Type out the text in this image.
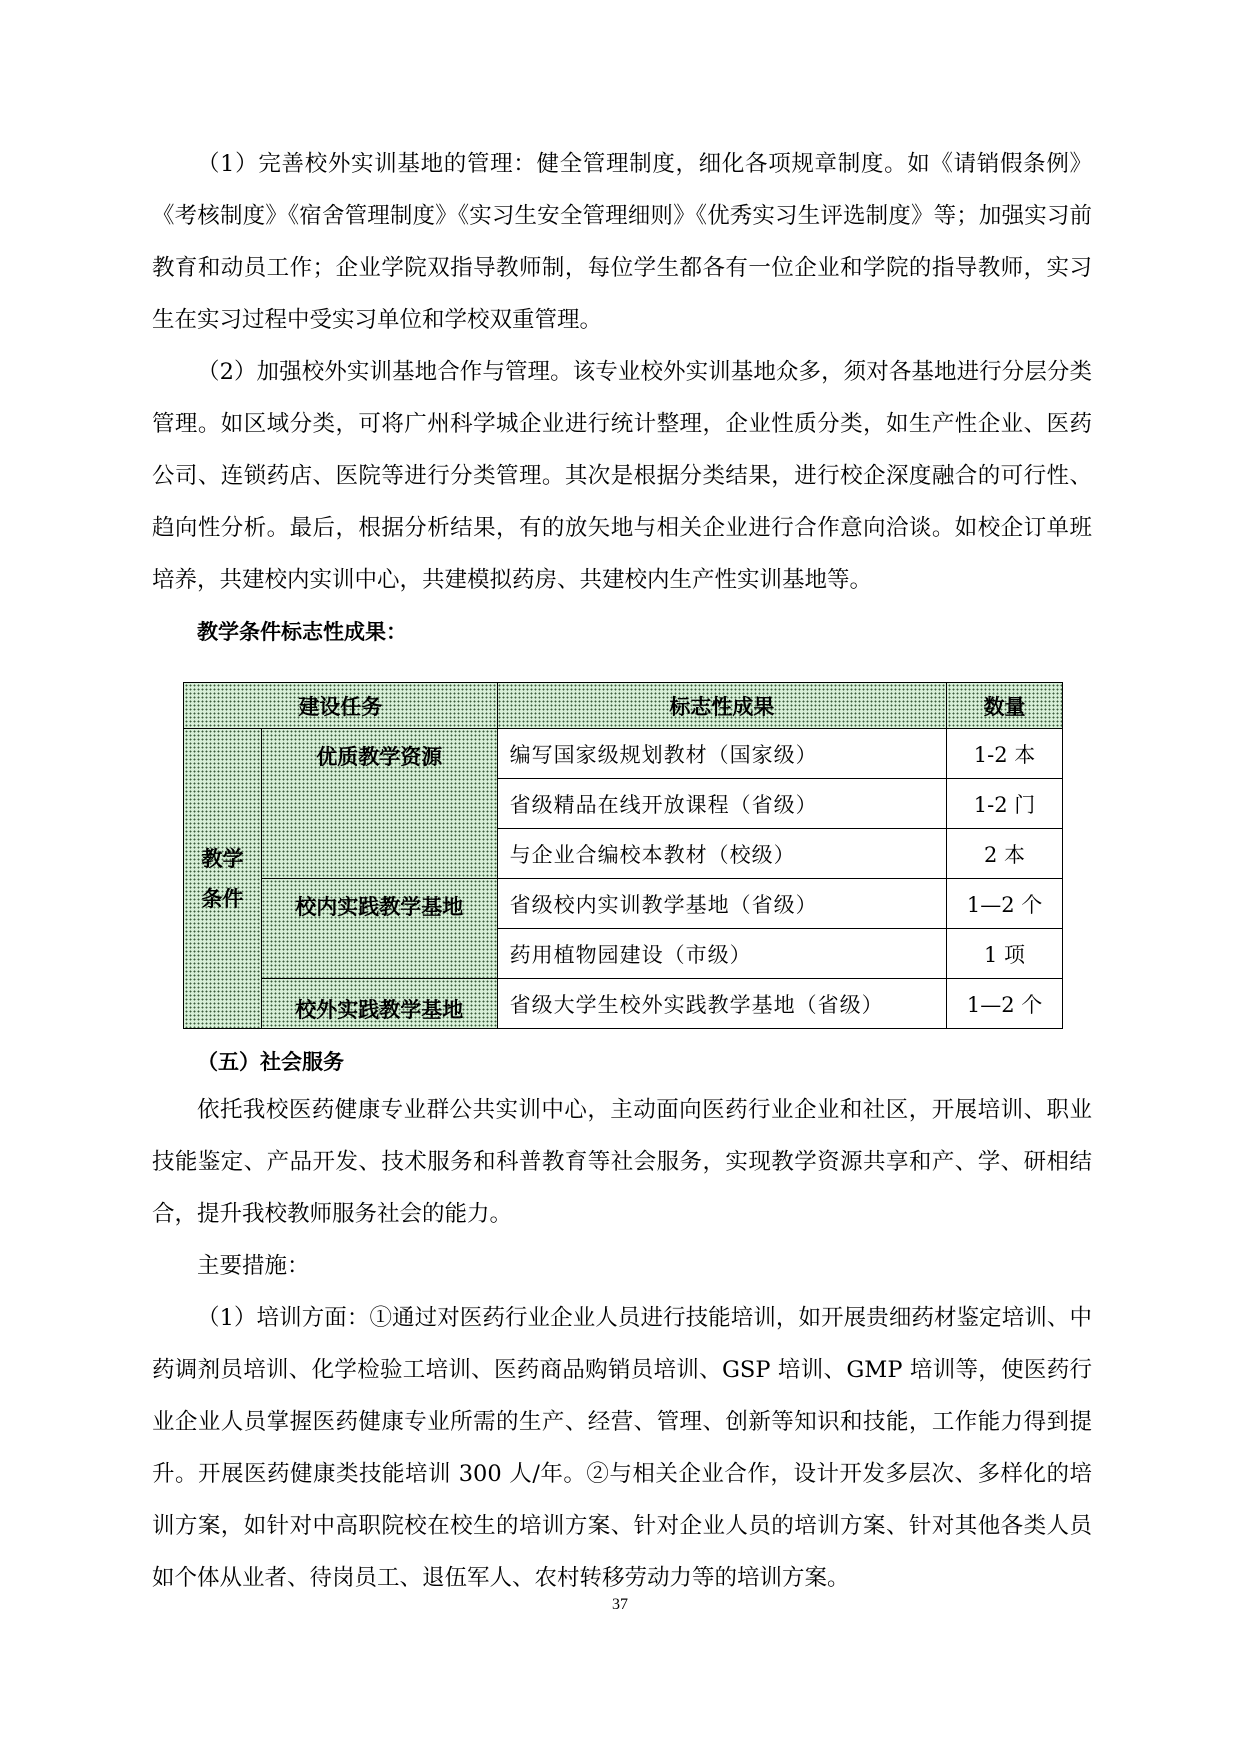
（1）完善校外实训基地的管理：健全管理制度，细化各项规章制度。如《请销假条例》《考核制度》《宿舍管理制度》《实习生安全管理细则》《优秀实习生评选制度》等；加强实习前教育和动员工作；企业学院双指导教师制，每位学生都各有一位企业和学院的指导教师，实习生在实习过程中受实习单位和学校双重管理。

（2）加强校外实训基地合作与管理。该专业校外实训基地众多，须对各基地进行分层分类管理。如区域分类，可将广州科学城企业进行统计整理，企业性质分类，如生产性企业、医药公司、连锁药店、医院等进行分类管理。其次是根据分类结果，进行校企深度融合的可行性、趋向性分析。最后，根据分析结果，有的放矢地与相关企业进行合作意向洽谈。如校企订单班培养，共建校内实训中心，共建模拟药房、共建校内生产性实训基地等。

教学条件标志性成果：
建设任务		标志性成果	数量

教学
条件	优质教学资源	编写国家级规划教材（国家级）	1-2 本
		省级精品在线开放课程（省级）	1-2 门
		与企业合编校本教材（校级）	2 本
	校内实践教学基地	省级校内实训教学基地（省级）	1—2 个
		药用植物园建设（市级）	1 项
	校外实践教学基地	省级大学生校外实践教学基地（省级）	1—2 个
（五）社会服务

依托我校医药健康专业群公共实训中心，主动面向医药行业企业和社区，开展培训、职业技能鉴定、产品开发、技术服务和科普教育等社会服务，实现教学资源共享和产、学、研相结合，提升我校教师服务社会的能力。

主要措施：

（1）培训方面：①通过对医药行业企业人员进行技能培训，如开展贵细药材鉴定培训、中药调剂员培训、化学检验工培训、医药商品购销员培训、GSP 培训、GMP 培训等，使医药行业企业人员掌握医药健康专业所需的生产、经营、管理、创新等知识和技能，工作能力得到提升。开展医药健康类技能培训 300 人/年。②与相关企业合作，设计开发多层次、多样化的培训方案，如针对中高职院校在校生的培训方案、针对企业人员的培训方案、针对其他各类人员如个体从业者、待岗员工、退伍军人、农村转移劳动力等的培训方案。

37
